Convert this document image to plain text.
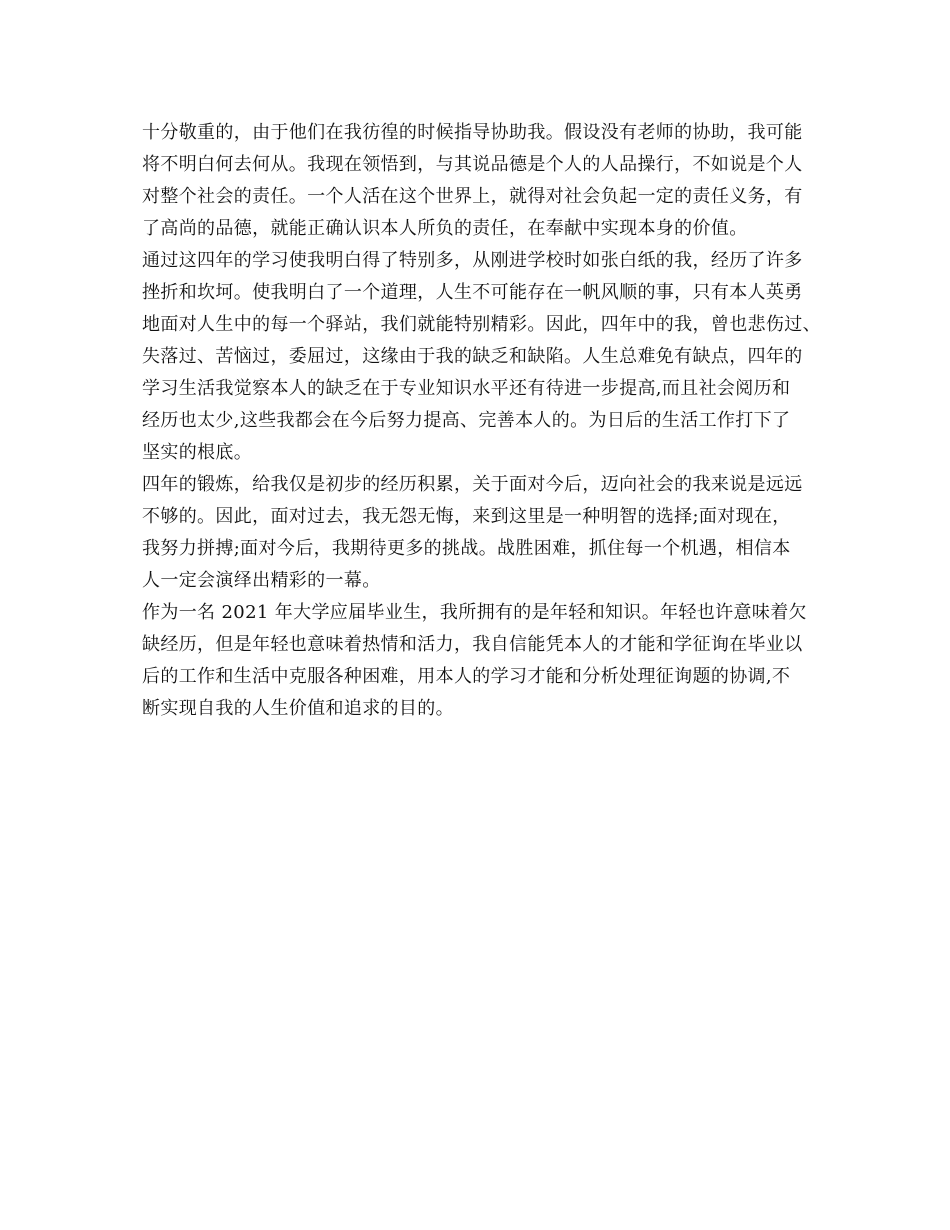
十分敬重的，由于他们在我彷徨的时候指导协助我。假设没有老师的协助，我可能
将不明白何去何从。我现在领悟到，与其说品德是个人的人品操行，不如说是个人
对整个社会的责任。一个人活在这个世界上，就得对社会负起一定的责任义务，有
了高尚的品德，就能正确认识本人所负的责任，在奉献中实现本身的价值。
通过这四年的学习使我明白得了特别多，从刚进学校时如张白纸的我，经历了许多
挫折和坎坷。使我明白了一个道理，人生不可能存在一帆风顺的事，只有本人英勇
地面对人生中的每一个驿站，我们就能特别精彩。因此，四年中的我，曾也悲伤过、
失落过、苦恼过，委屈过，这缘由于我的缺乏和缺陷。人生总难免有缺点，四年的
学习生活我觉察本人的缺乏在于专业知识水平还有待进一步提高,而且社会阅历和
经历也太少,这些我都会在今后努力提高、完善本人的。为日后的生活工作打下了
坚实的根底。
四年的锻炼，给我仅是初步的经历积累，关于面对今后，迈向社会的我来说是远远
不够的。因此，面对过去，我无怨无悔，来到这里是一种明智的选择;面对现在，
我努力拼搏;面对今后，我期待更多的挑战。战胜困难，抓住每一个机遇，相信本
人一定会演绎出精彩的一幕。
作为一名 2021 年大学应届毕业生，我所拥有的是年轻和知识。年轻也许意味着欠
缺经历，但是年轻也意味着热情和活力，我自信能凭本人的才能和学征询在毕业以
后的工作和生活中克服各种困难，用本人的学习才能和分析处理征询题的协调,不
断实现自我的人生价值和追求的目的。
